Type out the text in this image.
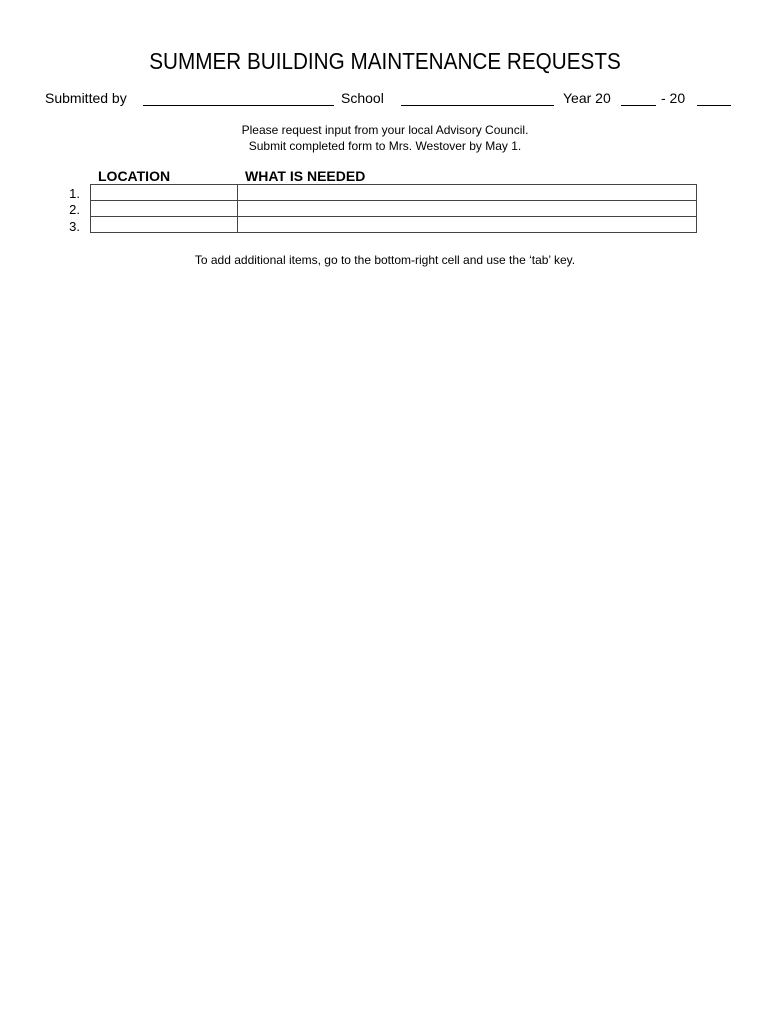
SUMMER BUILDING MAINTENANCE REQUESTS
Submitted by	School	Year 20	- 20
Please request input from your local Advisory Council.
Submit completed form to Mrs. Westover by May 1.
LOCATION	WHAT IS NEEDED
1.
2.
3.

To add additional items, go to the bottom-right cell and use the ‘tab’ key.
